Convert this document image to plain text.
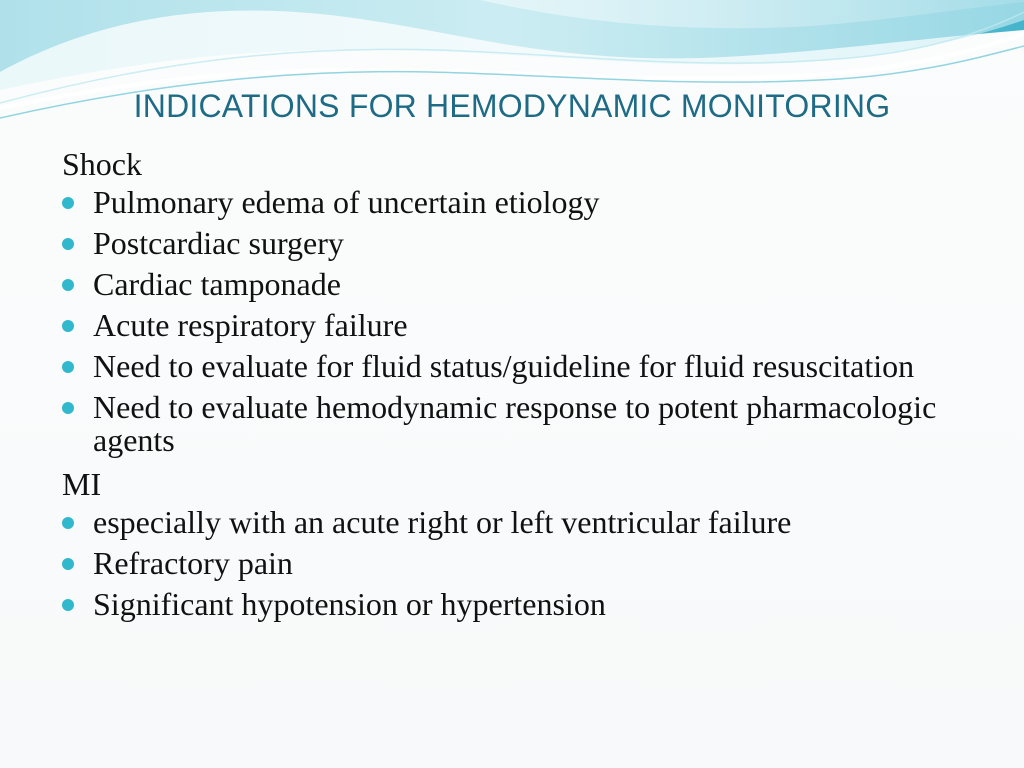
INDICATIONS FOR HEMODYNAMIC MONITORING
Shock
Pulmonary edema of uncertain etiology
Postcardiac surgery
Cardiac tamponade
Acute respiratory failure
Need to evaluate for fluid status/guideline for fluid resuscitation
Need to evaluate hemodynamic response to potent pharmacologic agents
MI
especially with an acute right or left ventricular failure
Refractory pain
Significant hypotension or hypertension
